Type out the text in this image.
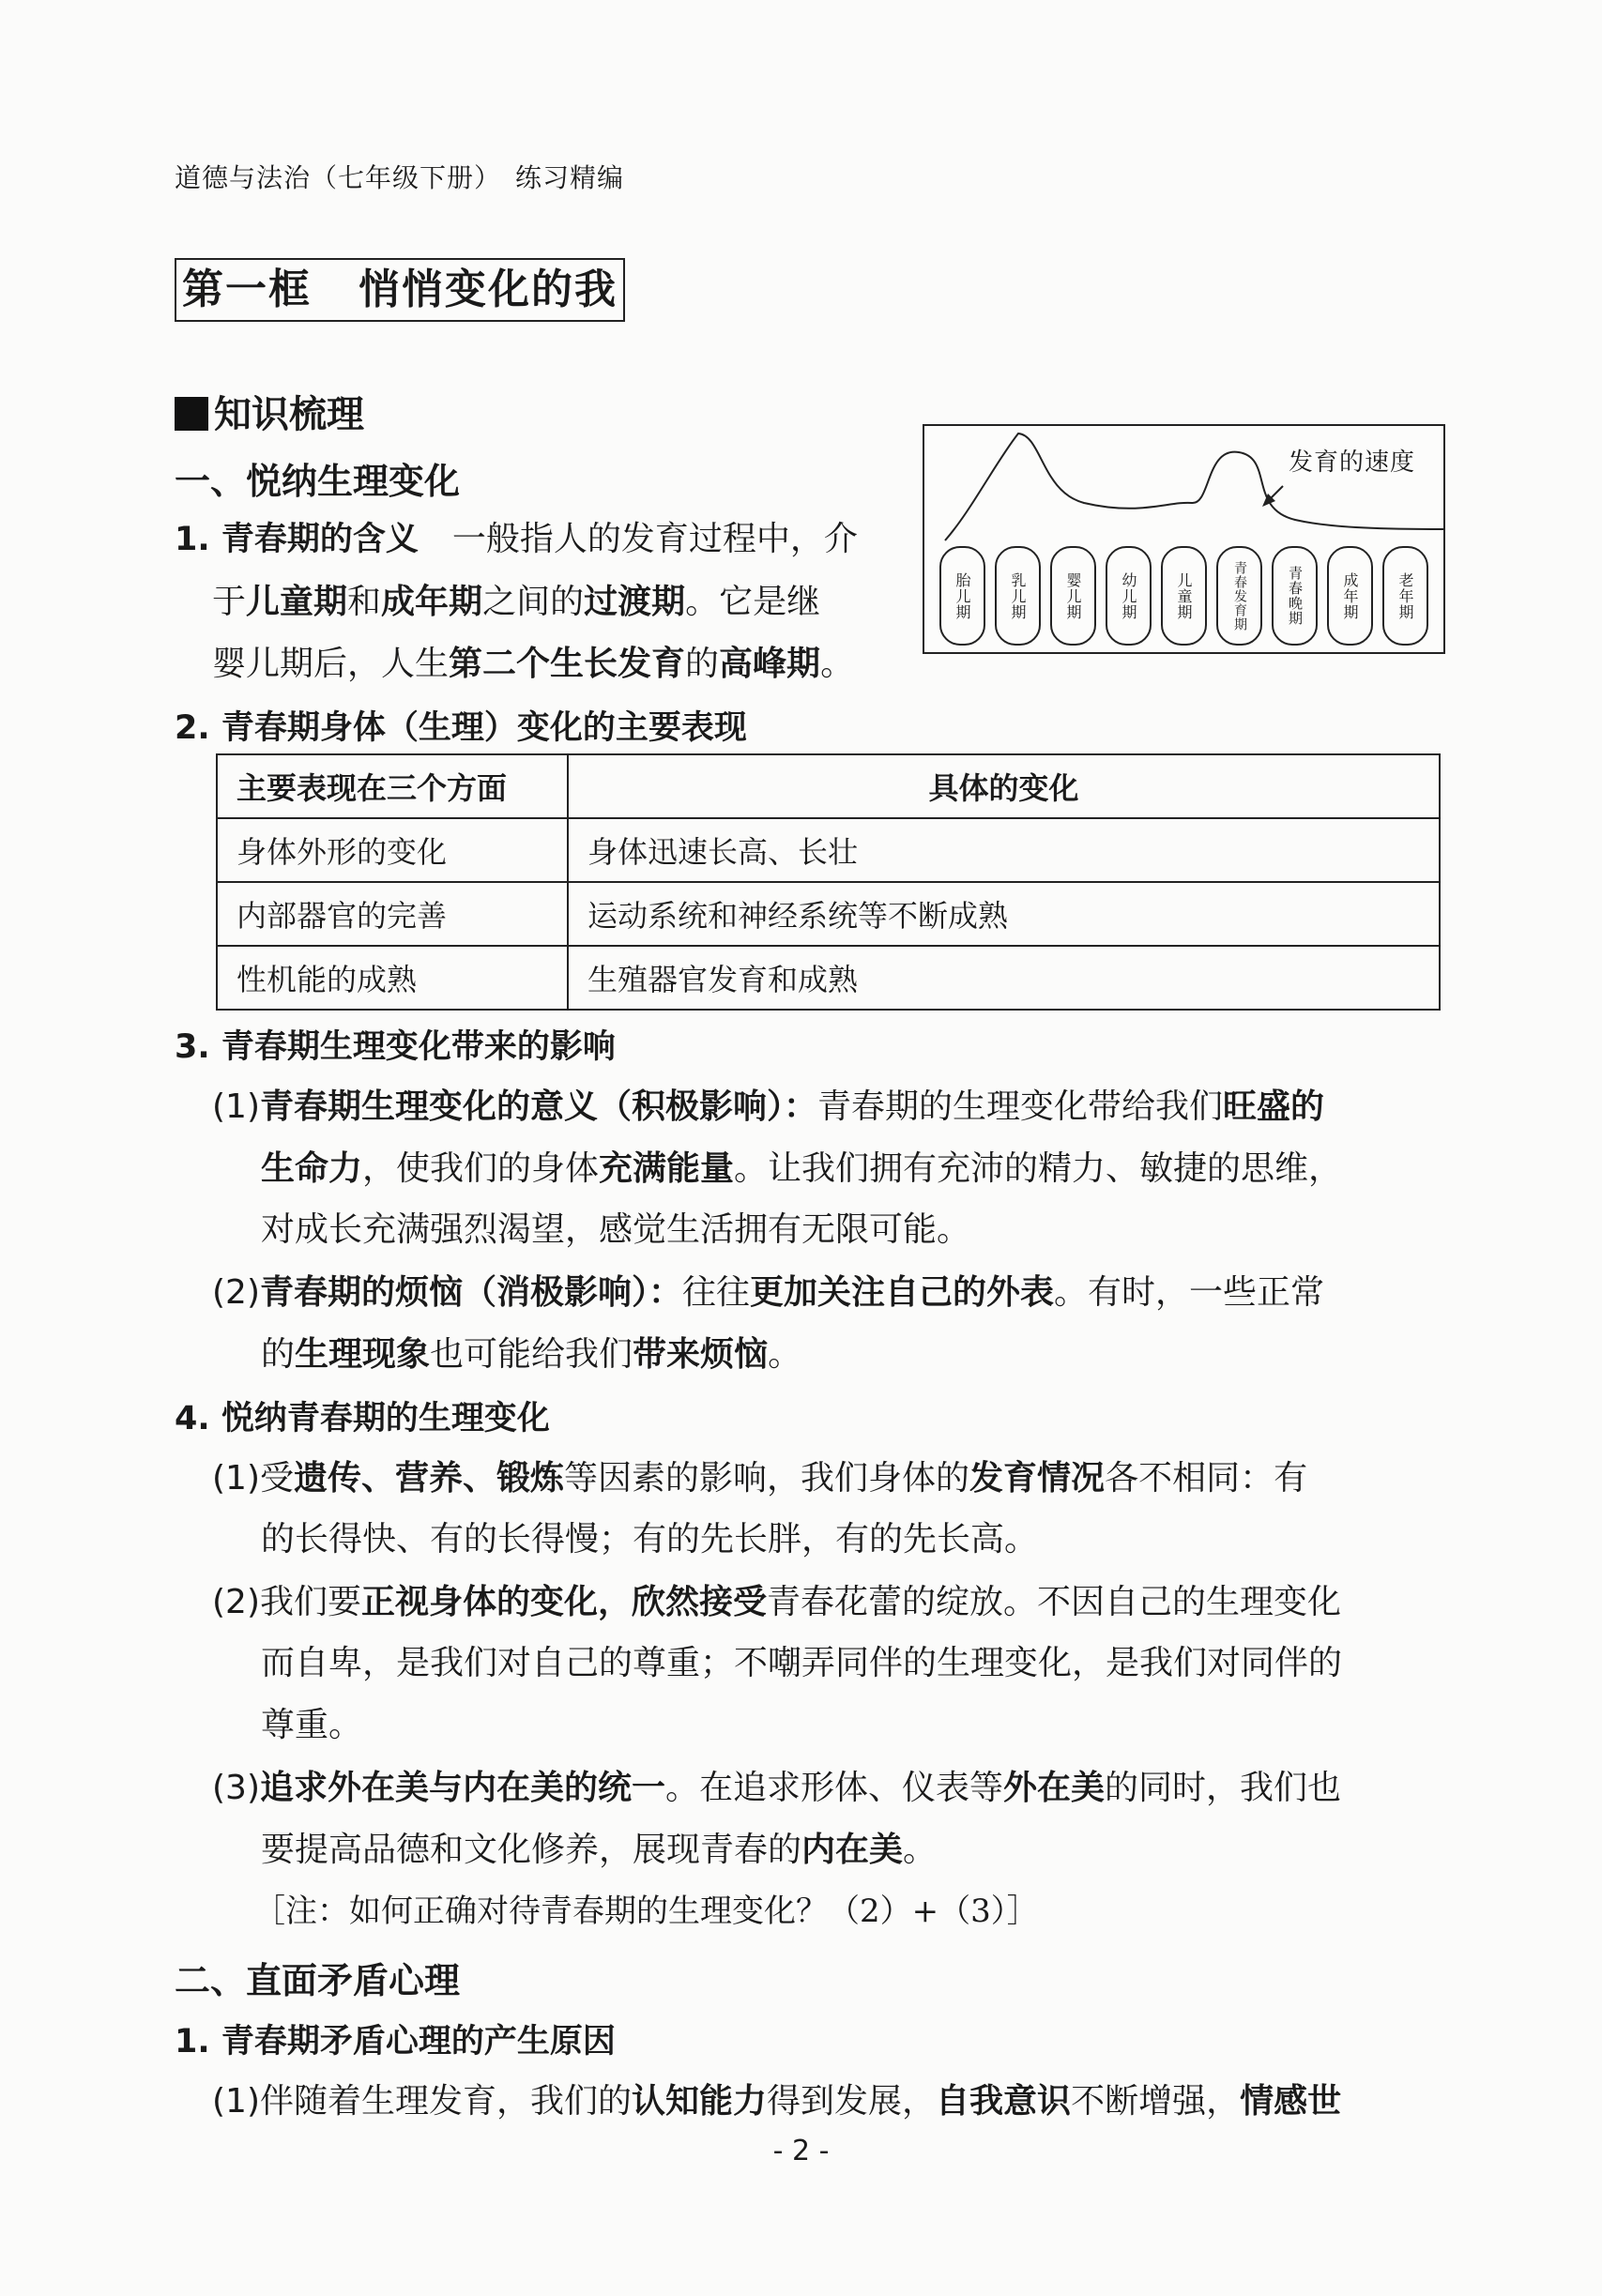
道德与法治（七年级下册）　练习精编
第一框 悄悄变化的我
知识梳理
一、悦纳生理变化
1. 青春期的含义　 一般指人的发育过程中，介
于儿童期和成年期之间的过渡期。它是继
婴儿期后，人生第二个生长发育的高峰期。
发育的速度
胎儿期	乳儿期	婴儿期	幼儿期	儿童期	青春发育期	青春晚期	成年期	老年期
2. 青春期身体（生理）变化的主要表现
主要表现在三个方面	具体的变化
身体外形的变化	身体迅速长高、长壮
内部器官的完善	运动系统和神经系统等不断成熟
性机能的成熟	生殖器官发育和成熟
3. 青春期生理变化带来的影响
(1)青春期生理变化的意义（积极影响）：青春期的生理变化带给我们旺盛的
生命力，使我们的身体充满能量。让我们拥有充沛的精力、敏捷的思维，
对成长充满强烈渴望，感觉生活拥有无限可能。
(2)青春期的烦恼（消极影响）：往往更加关注自己的外表。有时，一些正常
的生理现象也可能给我们带来烦恼。
4. 悦纳青春期的生理变化
(1)受遗传、营养、锻炼等因素的影响，我们身体的发育情况各不相同：有
的长得快、有的长得慢；有的先长胖，有的先长高。
(2)我们要正视身体的变化，欣然接受青春花蕾的绽放。不因自己的生理变化
而自卑，是我们对自己的尊重；不嘲弄同伴的生理变化，是我们对同伴的
尊重。
(3)追求外在美与内在美的统一。在追求形体、仪表等外在美的同时，我们也
要提高品德和文化修养，展现青春的内在美。
［注：如何正确对待青春期的生理变化？（2）+（3）］
二、直面矛盾心理
1. 青春期矛盾心理的产生原因
(1)伴随着生理发育，我们的认知能力得到发展，自我意识不断增强，情感世
- 2 -
